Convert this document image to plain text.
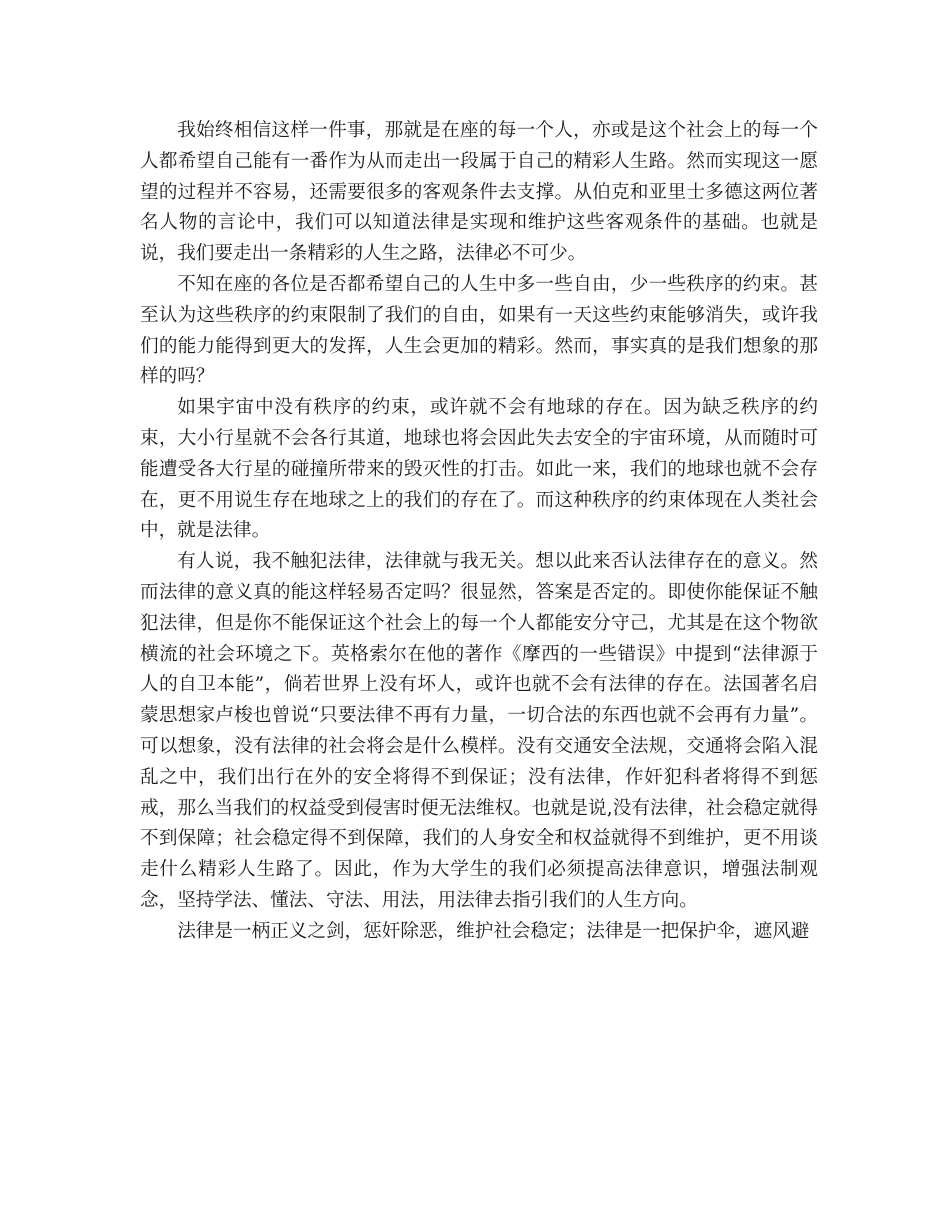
我始终相信这样一件事，那就是在座的每一个人，亦或是这个社会上的每一个人都希望自己能有一番作为从而走出一段属于自己的精彩人生路。然而实现这一愿望的过程并不容易，还需要很多的客观条件去支撑。从伯克和亚里士多德这两位著名人物的言论中，我们可以知道法律是实现和维护这些客观条件的基础。也就是说，我们要走出一条精彩的人生之路，法律必不可少。

不知在座的各位是否都希望自己的人生中多一些自由，少一些秩序的约束。甚至认为这些秩序的约束限制了我们的自由，如果有一天这些约束能够消失，或许我们的能力能得到更大的发挥，人生会更加的精彩。然而，事实真的是我们想象的那样的吗？

如果宇宙中没有秩序的约束，或许就不会有地球的存在。因为缺乏秩序的约束，大小行星就不会各行其道，地球也将会因此失去安全的宇宙环境，从而随时可能遭受各大行星的碰撞所带来的毁灭性的打击。如此一来，我们的地球也就不会存在，更不用说生存在地球之上的我们的存在了。而这种秩序的约束体现在人类社会中，就是法律。

有人说，我不触犯法律，法律就与我无关。想以此来否认法律存在的意义。然而法律的意义真的能这样轻易否定吗？很显然，答案是否定的。即使你能保证不触犯法律，但是你不能保证这个社会上的每一个人都能安分守己，尤其是在这个物欲横流的社会环境之下。英格索尔在他的著作《摩西的一些错误》中提到“法律源于人的自卫本能”，倘若世界上没有坏人，或许也就不会有法律的存在。法国著名启蒙思想家卢梭也曾说“只要法律不再有力量，一切合法的东西也就不会再有力量”。可以想象，没有法律的社会将会是什么模样。没有交通安全法规，交通将会陷入混乱之中，我们出行在外的安全将得不到保证；没有法律，作奸犯科者将得不到惩戒，那么当我们的权益受到侵害时便无法维权。也就是说,没有法律，社会稳定就得不到保障；社会稳定得不到保障，我们的人身安全和权益就得不到维护，更不用谈走什么精彩人生路了。因此，作为大学生的我们必须提高法律意识，增强法制观念，坚持学法、懂法、守法、用法，用法律去指引我们的人生方向。

法律是一柄正义之剑，惩奸除恶，维护社会稳定；法律是一把保护伞，遮风避
